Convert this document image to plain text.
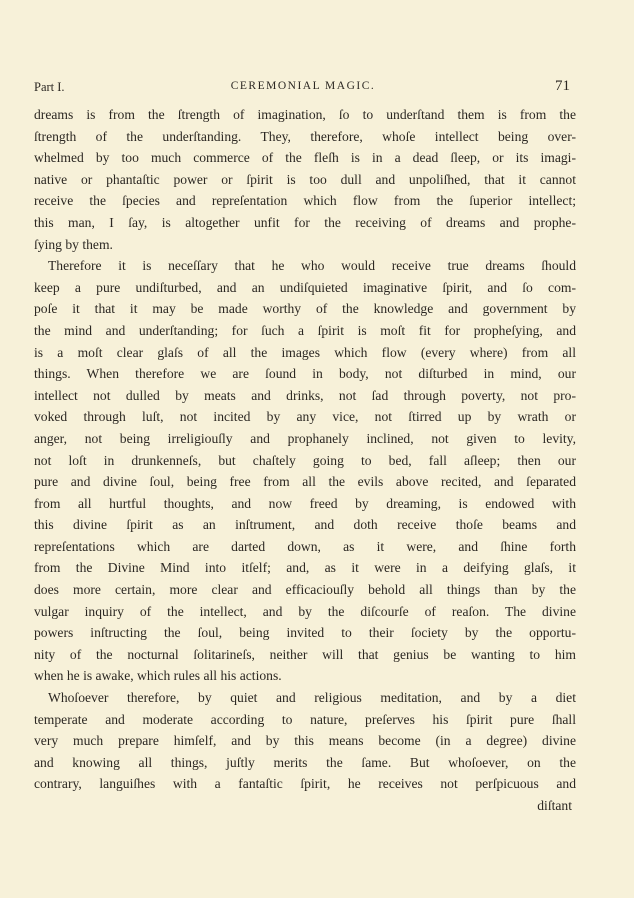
Part I.	CEREMONIAL MAGIC.	71
dreams is from the ſtrength of imagination, ſo to underſtand them is from the
ſtrength of the underſtanding. They, therefore, whoſe intellect being over-
whelmed by too much commerce of the fleſh is in a dead ſleep, or its imagi-
native or phantaſtic power or ſpirit is too dull and unpoliſhed, that it cannot
receive the ſpecies and repreſentation which flow from the ſuperior intellect;
this man, I ſay, is altogether unfit for the receiving of dreams and prophe-
ſying by them.
Therefore it is neceſſary that he who would receive true dreams ſhould
keep a pure undiſturbed, and an undiſquieted imaginative ſpirit, and ſo com-
poſe it that it may be made worthy of the knowledge and government by
the mind and underſtanding; for ſuch a ſpirit is moſt fit for propheſying, and
is a moſt clear glaſs of all the images which flow (every where) from all
things. When therefore we are ſound in body, not diſturbed in mind, our
intellect not dulled by meats and drinks, not ſad through poverty, not pro-
voked through luſt, not incited by any vice, not ſtirred up by wrath or
anger, not being irreligiouſly and prophanely inclined, not given to levity,
not loſt in drunkenneſs, but chaſtely going to bed, fall aſleep; then our
pure and divine ſoul, being free from all the evils above recited, and ſeparated
from all hurtful thoughts, and now freed by dreaming, is endowed with
this divine ſpirit as an inſtrument, and doth receive thoſe beams and
repreſentations which are darted down, as it were, and ſhine forth
from the Divine Mind into itſelf; and, as it were in a deifying glaſs, it
does more certain, more clear and efficaciouſly behold all things than by the
vulgar inquiry of the intellect, and by the diſcourſe of reaſon. The divine
powers inſtructing the ſoul, being invited to their ſociety by the opportu-
nity of the nocturnal ſolitarineſs, neither will that genius be wanting to him
when he is awake, which rules all his actions.
Whoſoever therefore, by quiet and religious meditation, and by a diet
temperate and moderate according to nature, preſerves his ſpirit pure ſhall
very much prepare himſelf, and by this means become (in a degree) divine
and knowing all things, juſtly merits the ſame. But whoſoever, on the
contrary, languiſhes with a fantaſtic ſpirit, he receives not perſpicuous and
diſtant
